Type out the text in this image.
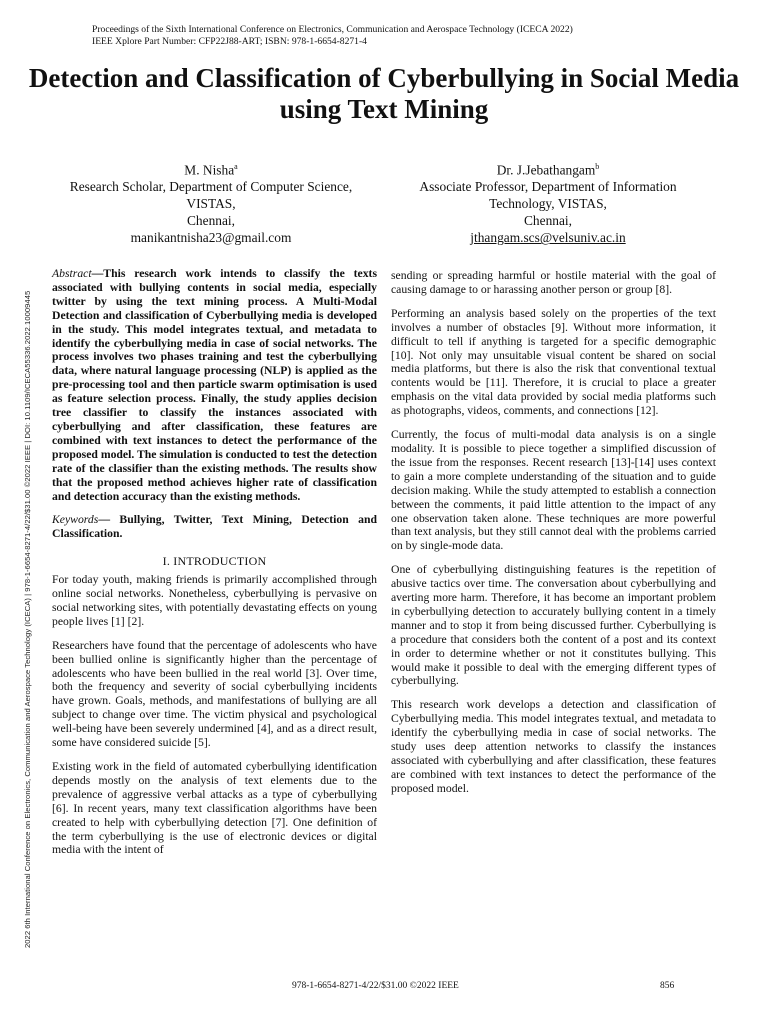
Proceedings of the Sixth International Conference on Electronics, Communication and Aerospace Technology (ICECA 2022)
IEEE Xplore Part Number: CFP22J88-ART; ISBN: 978-1-6654-8271-4
2022 6th International Conference on Electronics, Communication and Aerospace Technology (ICECA) | 978-1-6654-8271-4/22/$31.00 ©2022 IEEE | DOI: 10.1109/ICECA55336.2022.10009445
Detection and Classification of Cyberbullying in Social Media using Text Mining
M. Nisha$^a$
Research Scholar, Department of Computer Science, VISTAS,
Chennai,
manikantnisha23@gmail.com
Dr. J.Jebathangam$^b$
Associate Professor, Department of Information Technology, VISTAS,
Chennai,
jthangam.scs@velsuniv.ac.in

Abstract—This research work intends to classify the texts associated with bullying contents in social media, especially twitter by using the text mining process. A Multi-Modal Detection and classification of Cyberbullying media is developed in the study. This model integrates textual, and metadata to identify the cyberbullying media in case of social networks. The process involves two phases training and test the cyberbullying data, where natural language processing (NLP) is applied as the pre-processing tool and then particle swarm optimisation is used as feature selection process. Finally, the study applies decision tree classifier to classify the instances associated with cyberbullying and after classification, these features are combined with text instances to detect the performance of the proposed model. The simulation is conducted to test the detection rate of the classifier than the existing methods. The results show that the proposed method achieves higher rate of classification and detection accuracy than the existing methods.

Keywords— Bullying, Twitter, Text Mining, Detection and Classification.

I. INTRODUCTION

For today youth, making friends is primarily accomplished through online social networks. Nonetheless, cyberbullying is pervasive on social networking sites, with potentially devastating effects on young people lives [1] [2].

Researchers have found that the percentage of adolescents who have been bullied online is significantly higher than the percentage of adolescents who have been bullied in the real world [3]. Over time, both the frequency and severity of social cyberbullying incidents have grown. Goals, methods, and manifestations of bullying are all subject to change over time. The victim physical and psychological well-being have been severely undermined [4], and as a direct result, some have considered suicide [5].

Existing work in the field of automated cyberbullying identification depends mostly on the analysis of text elements due to the prevalence of aggressive verbal attacks as a type of cyberbullying [6]. In recent years, many text classification algorithms have been created to help with cyberbullying detection [7]. One definition of the term cyberbullying is the use of electronic devices or digital media with the intent of

sending or spreading harmful or hostile material with the goal of causing damage to or harassing another person or group [8].

Performing an analysis based solely on the properties of the text involves a number of obstacles [9]. Without more information, it difficult to tell if anything is targeted for a specific demographic [10]. Not only may unsuitable visual content be shared on social media platforms, but there is also the risk that conventional textual contents would be [11]. Therefore, it is crucial to place a greater emphasis on the vital data provided by social media platforms such as photographs, videos, comments, and connections [12].

Currently, the focus of multi-modal data analysis is on a single modality. It is possible to piece together a simplified discussion of the issue from the responses. Recent research [13]-[14] uses context to gain a more complete understanding of the situation and to guide decision making. While the study attempted to establish a connection between the comments, it paid little attention to the impact of any one observation taken alone. These techniques are more powerful than text analysis, but they still cannot deal with the problems carried on by single-mode data.

One of cyberbullying distinguishing features is the repetition of abusive tactics over time. The conversation about cyberbullying and averting more harm. Therefore, it has become an important problem in cyberbullying detection to accurately bullying content in a timely manner and to stop it from being discussed further. Cyberbullying is a procedure that considers both the content of a post and its context in order to determine whether or not it constitutes bullying. This would make it possible to deal with the emerging different types of cyberbullying.

This research work develops a detection and classification of Cyberbullying media. This model integrates textual, and metadata to identify the cyberbullying media in case of social networks. The study uses deep attention networks to classify the instances associated with cyberbullying and after classification, these features are combined with text instances to detect the performance of the proposed model.

978-1-6654-8271-4/22/$31.00 ©2022 IEEE	856
